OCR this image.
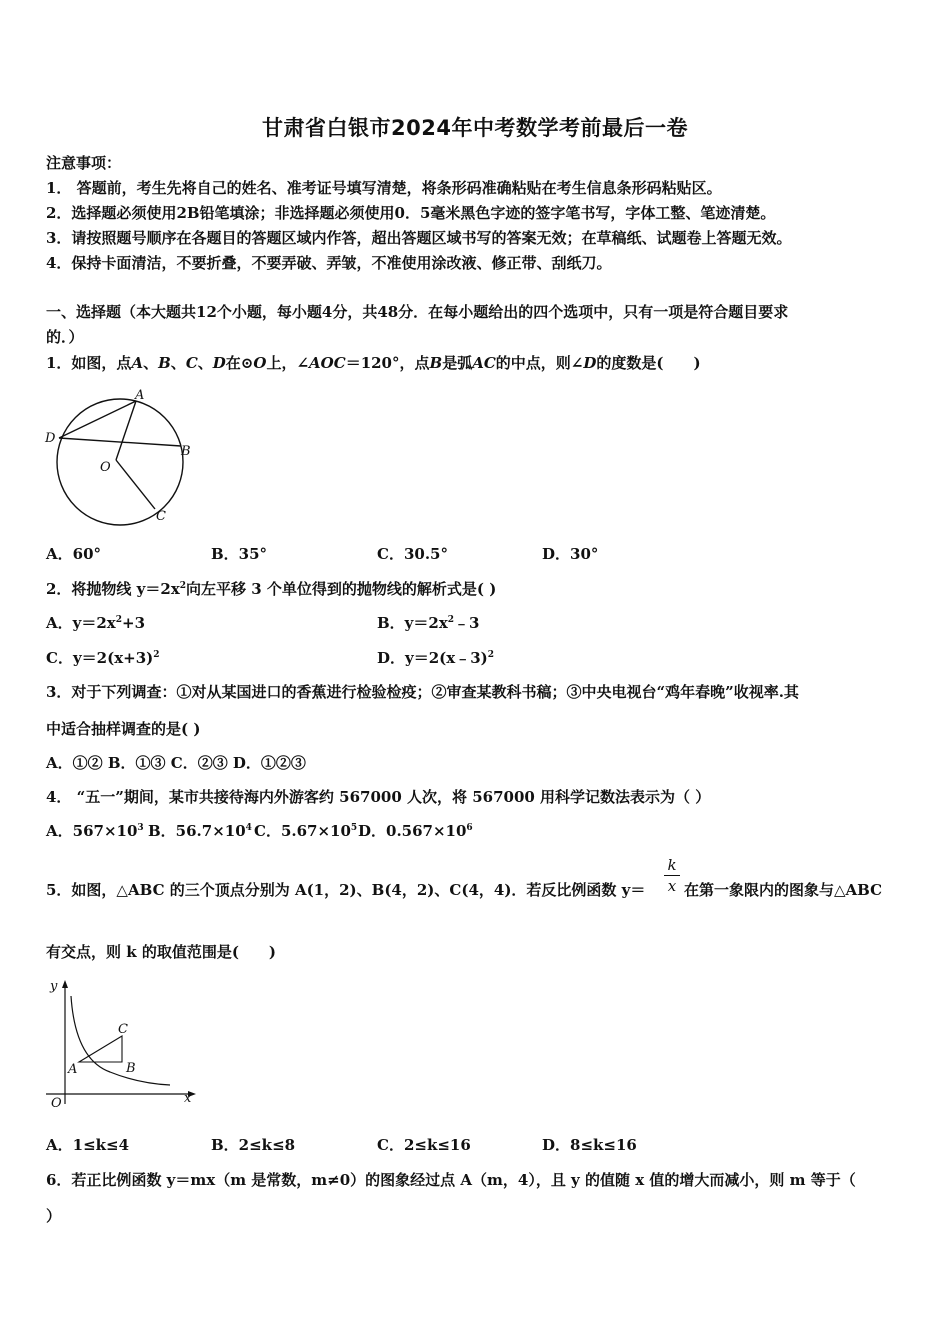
甘肃省白银市2024年中考数学考前最后一卷
注意事项：
1． 答题前，考生先将自己的姓名、准考证号填写清楚，将条形码准确粘贴在考生信息条形码粘贴区。
2．选择题必须使用2B铅笔填涂；非选择题必须使用0．5毫米黑色字迹的签字笔书写，字体工整、笔迹清楚。
3．请按照题号顺序在各题目的答题区域内作答，超出答题区域书写的答案无效；在草稿纸、试题卷上答题无效。
4．保持卡面清洁，不要折叠，不要弄破、弄皱，不准使用涂改液、修正带、刮纸刀。
一、选择题（本大题共12个小题，每小题4分，共48分．在每小题给出的四个选项中，只有一项是符合题目要求
的．）
1．如图，点A、B、C、D在⊙O上，∠AOC＝120°，点B是弧AC的中点，则∠D的度数是(　　)
A
B
C
D
O
A．60°	B．35°	C．30.5°	D．30°
2．将抛物线 $y=2x^2$向左平移 3 个单位得到的抛物线的解析式是( )
A．$y=2x^2+3$	B．$y=2x^2﹣3$
C．$y=2(x+3)^2$	D．y＝2(x﹣3)$^2$
3．对于下列调查：①对从某国进口的香蕉进行检验检疫；②审查某教科书稿；③中央电视台“鸡年春晚”收视率.其
中适合抽样调查的是( )
A．①② B．①③ C．②③ D．①②③
4． “五一”期间，某市共接待海内外游客约 567000 人次，将 567000 用科学记数法表示为（ ）
A．$567\times 10^3$ B．$56.7\times 10^4$ C．$5.67\times 10^5$ D．$0.567\times 10^6$
5．如图，△ABC 的三个顶点分别为 A(1，2)、B(4，2)、C(4，4)．若反比例函数 y＝
k
x 在第一象限内的图象与△ABC
有交点，则 k 的取值范围是(　　)
y
x
O
A	B
C
A．1≤k≤4	B．2≤k≤8	C．2≤k≤16	D．8≤k≤16
6．若正比例函数 y＝mx（m 是常数，m≠0）的图象经过点 A（m，4），且 y 的值随 x 值的增大而减小，则 m 等于（
）
